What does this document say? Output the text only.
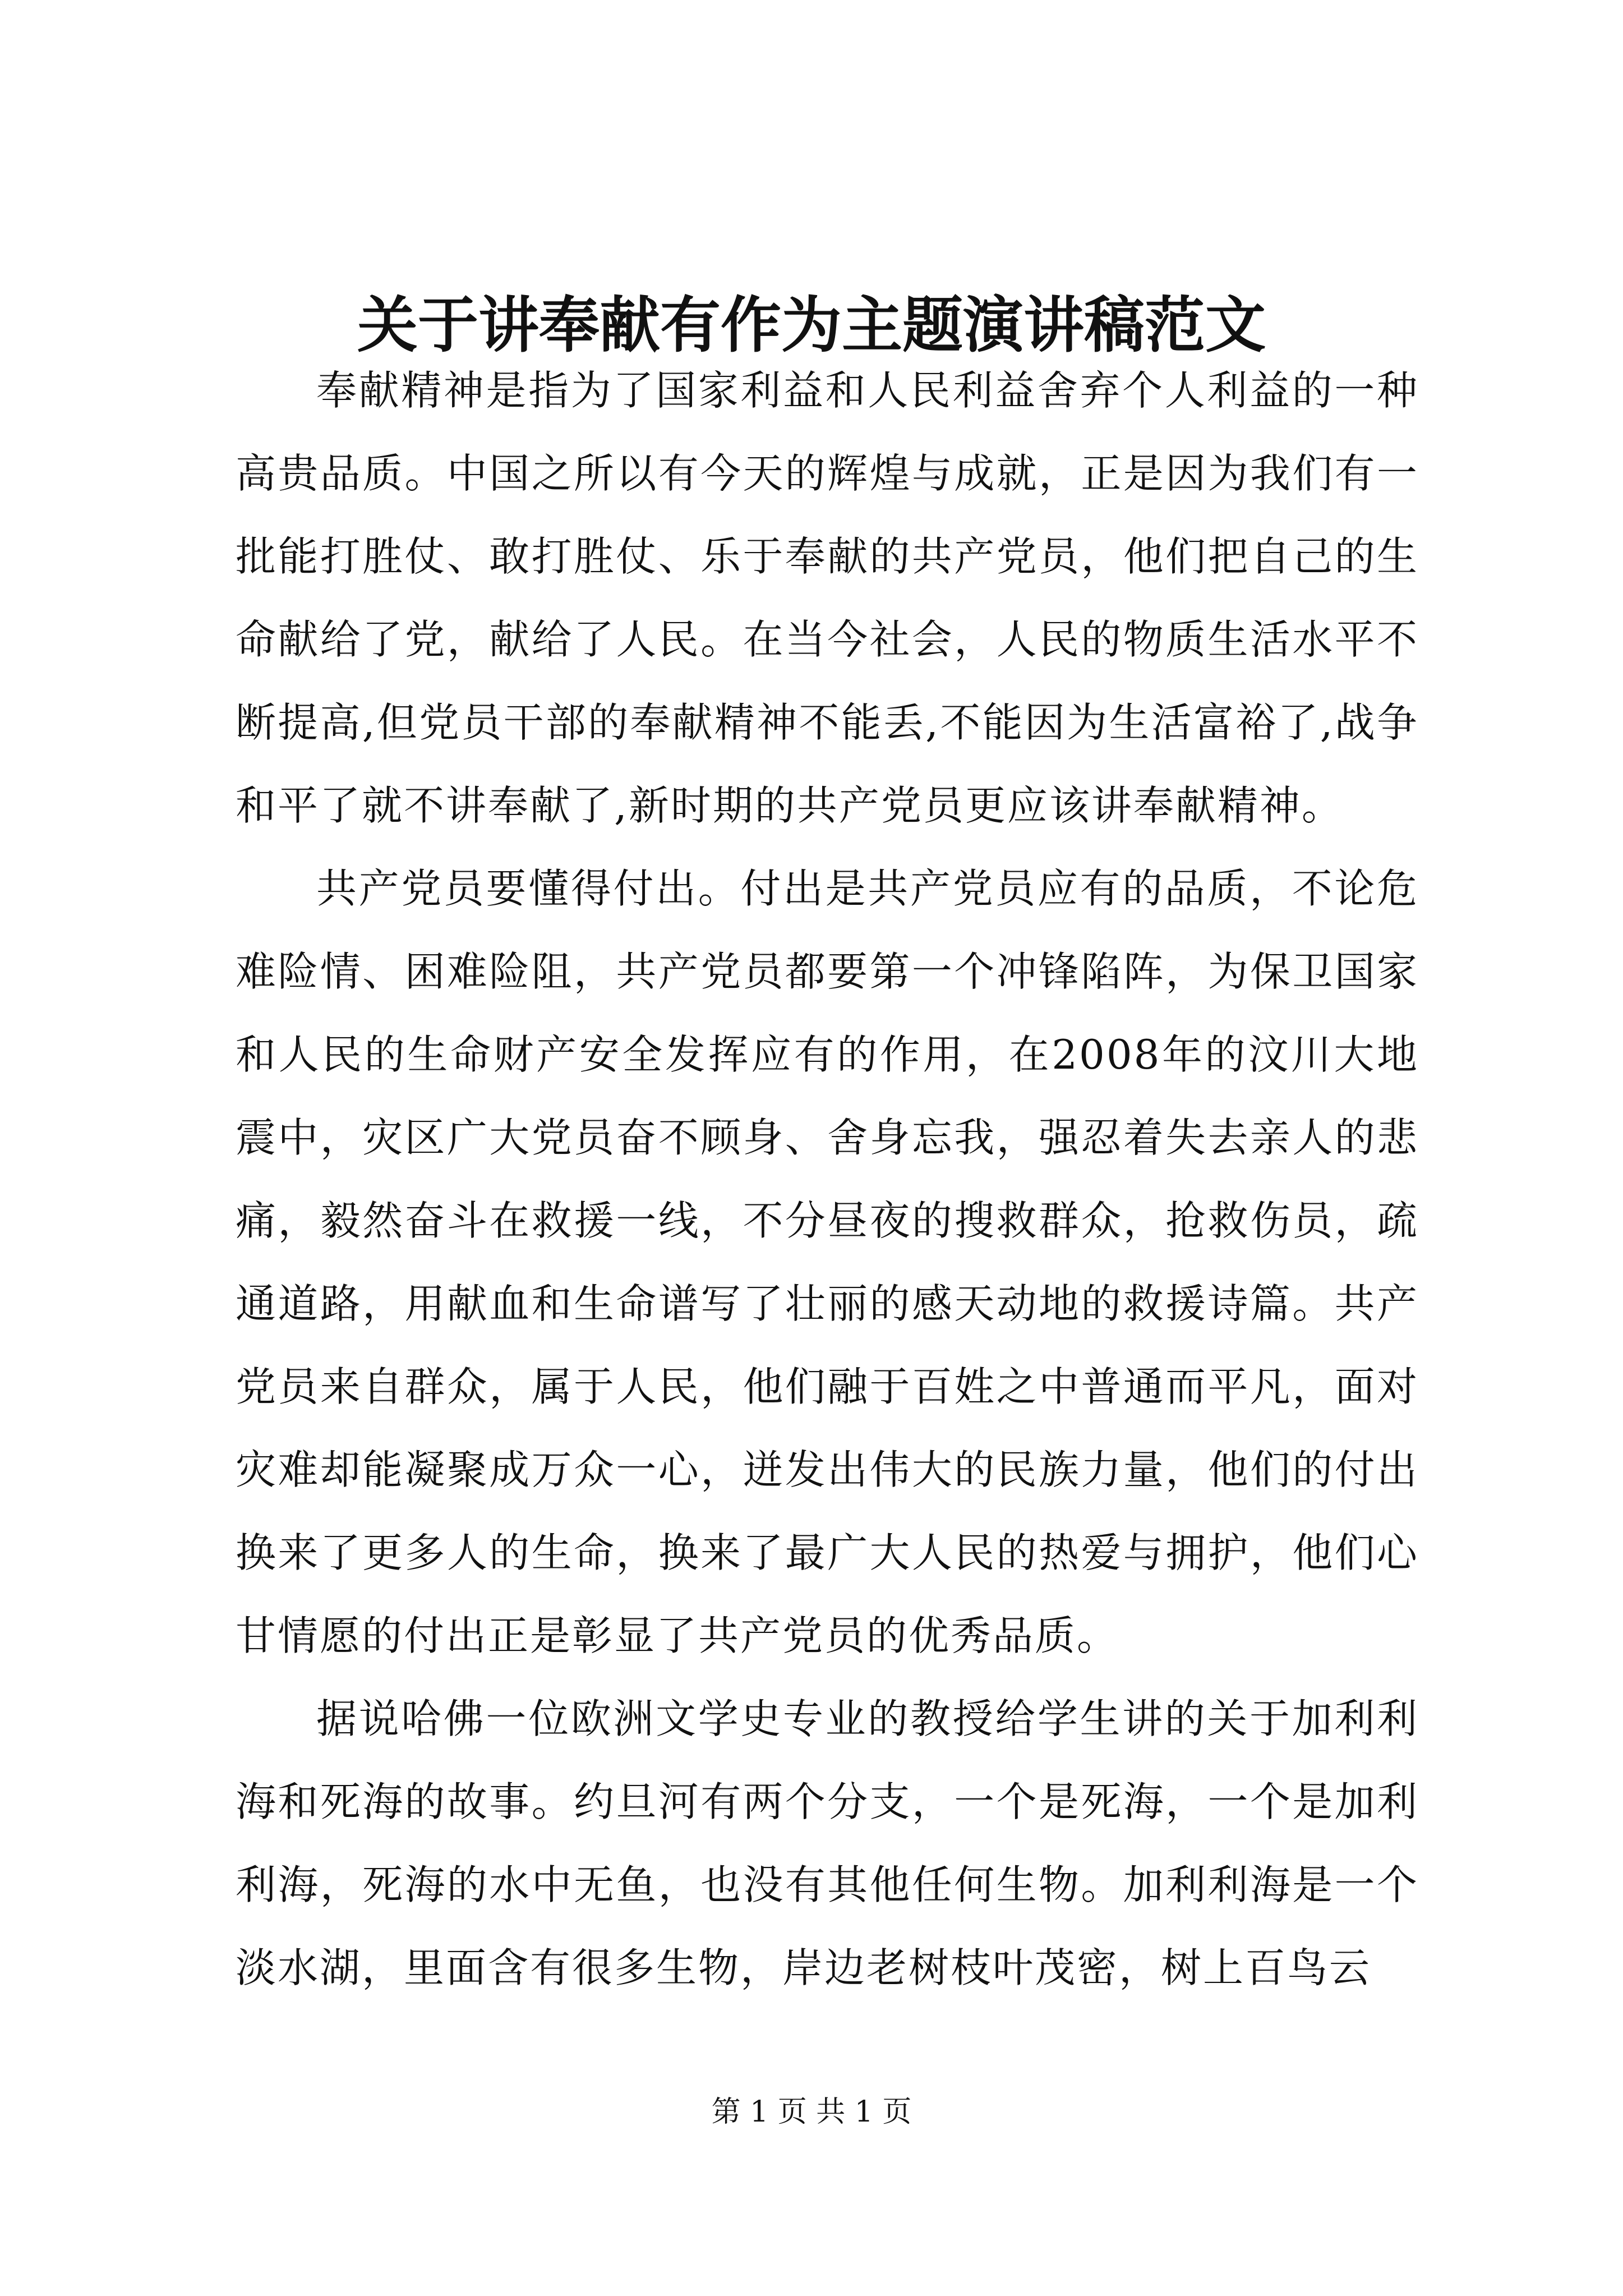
关于讲奉献有作为主题演讲稿范文

奉献精神是指为了国家利益和人民利益舍弃个人利益的一种高贵品质。中国之所以有今天的辉煌与成就，正是因为我们有一批能打胜仗、敢打胜仗、乐于奉献的共产党员，他们把自己的生命献给了党，献给了人民。在当今社会，人民的物质生活水平不断提高,但党员干部的奉献精神不能丢,不能因为生活富裕了,战争和平了就不讲奉献了,新时期的共产党员更应该讲奉献精神。

共产党员要懂得付出。付出是共产党员应有的品质，不论危难险情、困难险阻，共产党员都要第一个冲锋陷阵，为保卫国家和人民的生命财产安全发挥应有的作用，在2008年的汶川大地震中，灾区广大党员奋不顾身、舍身忘我，强忍着失去亲人的悲痛，毅然奋斗在救援一线，不分昼夜的搜救群众，抢救伤员，疏通道路，用献血和生命谱写了壮丽的感天动地的救援诗篇。共产党员来自群众，属于人民，他们融于百姓之中普通而平凡，面对灾难却能凝聚成万众一心，迸发出伟大的民族力量，他们的付出换来了更多人的生命，换来了最广大人民的热爱与拥护，他们心甘情愿的付出正是彰显了共产党员的优秀品质。

据说哈佛一位欧洲文学史专业的教授给学生讲的关于加利利海和死海的故事。约旦河有两个分支，一个是死海，一个是加利利海，死海的水中无鱼，也没有其他任何生物。加利利海是一个淡水湖，里面含有很多生物，岸边老树枝叶茂密，树上百鸟云

第 1 页 共 1 页
